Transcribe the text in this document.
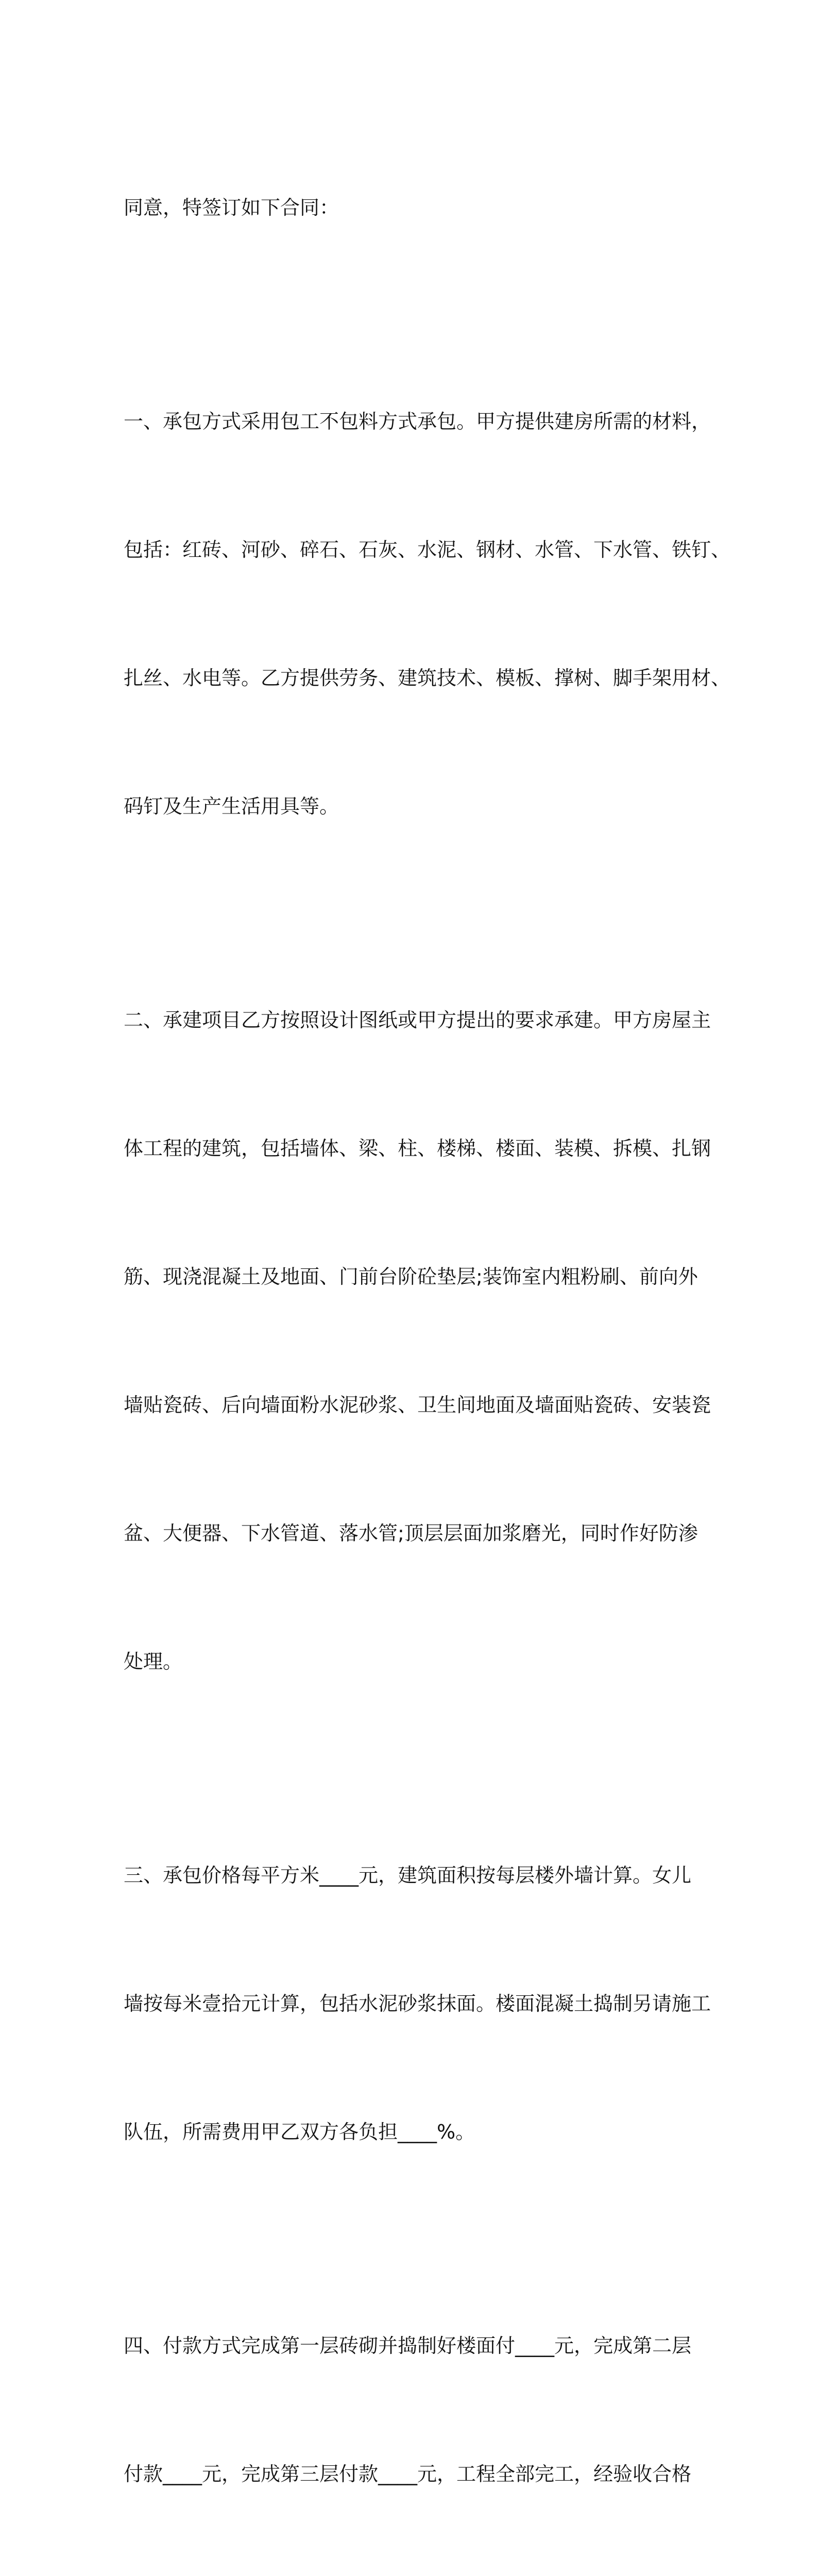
同意，特签订如下合同：

一、承包方式采用包工不包料方式承包。甲方提供建房所需的材料，

包括：红砖、河砂、碎石、石灰、水泥、钢材、水管、下水管、铁钉、

扎丝、水电等。乙方提供劳务、建筑技术、模板、撑树、脚手架用材、

码钉及生产生活用具等。

二、承建项目乙方按照设计图纸或甲方提出的要求承建。甲方房屋主

体工程的建筑，包括墙体、梁、柱、楼梯、楼面、装模、拆模、扎钢

筋、现浇混凝土及地面、门前台阶砼垫层;装饰室内粗粉刷、前向外

墙贴瓷砖、后向墙面粉水泥砂浆、卫生间地面及墙面贴瓷砖、安装瓷

盆、大便器、下水管道、落水管;顶层层面加浆磨光，同时作好防渗

处理。

三、承包价格每平方米____元，建筑面积按每层楼外墙计算。女儿

墙按每米壹拾元计算，包括水泥砂浆抹面。楼面混凝土捣制另请施工

队伍，所需费用甲乙双方各负担____%。

四、付款方式完成第一层砖砌并捣制好楼面付____元，完成第二层

付款____元，完成第三层付款____元，工程全部完工，经验收合格
